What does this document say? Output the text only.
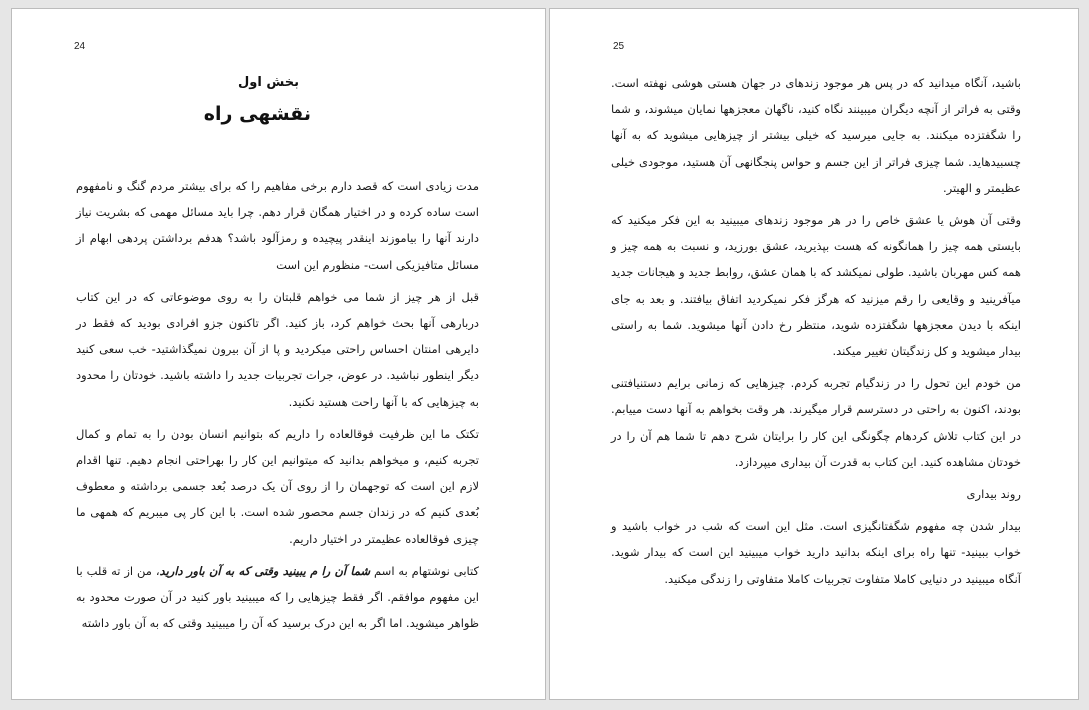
24
بخش اول
نقشهی راه

مدت زیادی است که قصد دارم برخی مفاهیم را که برای بیشتر مردم گنگ و نامفهوم است ساده کرده و در اختیار همگان قرار دهم. چرا باید مسائل مهمی که بشریت نیاز دارند آنها را بیاموزند اینقدر پیچیده و رمزآلود باشد؟ هدفم برداشتن پردهی ابهام از مسائل متافیزیکی است- منظورم این است

قبل از هر چیز از شما می خواهم قلبتان را به روی موضوعاتی که در این کتاب دربارهی آنها بحث خواهم کرد، باز کنید. اگر تاکنون جزو افرادی بودید که فقط در دایرهی امنتان احساس راحتی میکردید و پا از آن بیرون نمیگذاشتید- خب سعی کنید دیگر اینطور نباشید. در عوض، جرات تجربیات جدید را داشته باشید. خودتان را محدود به چیزهایی که با آنها راحت هستید نکنید.

تکتک ما این ظرفیت فوقالعاده را داریم که بتوانیم انسان بودن را به تمام و کمال تجربه کنیم، و میخواهم بدانید که میتوانیم این کار را بهراحتی انجام دهیم. تنها اقدام لازم این است که توجهمان را از روی آن یک درصد بُعد جسمی برداشته و معطوف بُعدی کنیم که در زندان جسم محصور شده است. با این کار پی میبریم که همهی ما چیزی فوقالعاده عظیمتر در اختیار داریم.

کتابی نوشتهام به اسم شما آن را م یبینید وقتی که به آن باور دارید، من از ته قلب با این مفهوم موافقم. اگر فقط چیزهایی را که میبینید باور کنید در آن صورت محدود به ظواهر میشوید. اما اگر به این درک برسید که آن را میبینید وقتی که به آن باور داشته

25

باشید، آنگاه میدانید که در پس هر موجود زندهای در جهان هستی هوشی نهفته است. وقتی به فراتر از آنچه دیگران میبینند نگاه کنید، ناگهان معجزهها نمایان میشوند، و شما را شگفتزده میکنند. به جایی میرسید که خیلی بیشتر از چیزهایی میشوید که به آنها چسبیدهاید. شما چیزی فراتر از این جسم و حواس پنجگانهی آن هستید، موجودی خیلی عظیمتر و الهیتر.

وقتی آن هوش یا عشق خاص را در هر موجود زندهای میبینید به این فکر میکنید که بایستی همه چیز را همانگونه که هست بپذیرید، عشق بورزید، و نسبت به همه چیز و همه کس مهربان باشید. طولی نمیکشد که با همان عشق، روابط جدید و هیجانات جدید میآفرینید و وقایعی را رقم میزنید که هرگز فکر نمیکردید اتفاق بیافتند. و بعد به جای اینکه با دیدن معجزهها شگفتزده شوید، منتظر رخ دادن آنها میشوید. شما به راستی بیدار میشوید و کل زندگیتان تغییر میکند.

من خودم این تحول را در زندگیام تجربه کردم. چیزهایی که زمانی برایم دستنیافتنی بودند، اکنون به راحتی در دسترسم قرار میگیرند. هر وقت بخواهم به آنها دست مییابم. در این کتاب تلاش کردهام چگونگی این کار را برایتان شرح دهم تا شما هم آن را در خودتان مشاهده کنید. این کتاب به قدرت آن بیداری میپردازد.

روند بیداری

بیدار شدن چه مفهوم شگفتانگیزی است. مثل این است که شب در خواب باشید و خواب ببینید- تنها راه برای اینکه بدانید دارید خواب میبینید این است که بیدار شوید. آنگاه میبینید در دنیایی کاملا متفاوت تجربیات کاملا متفاوتی را زندگی میکنید.
